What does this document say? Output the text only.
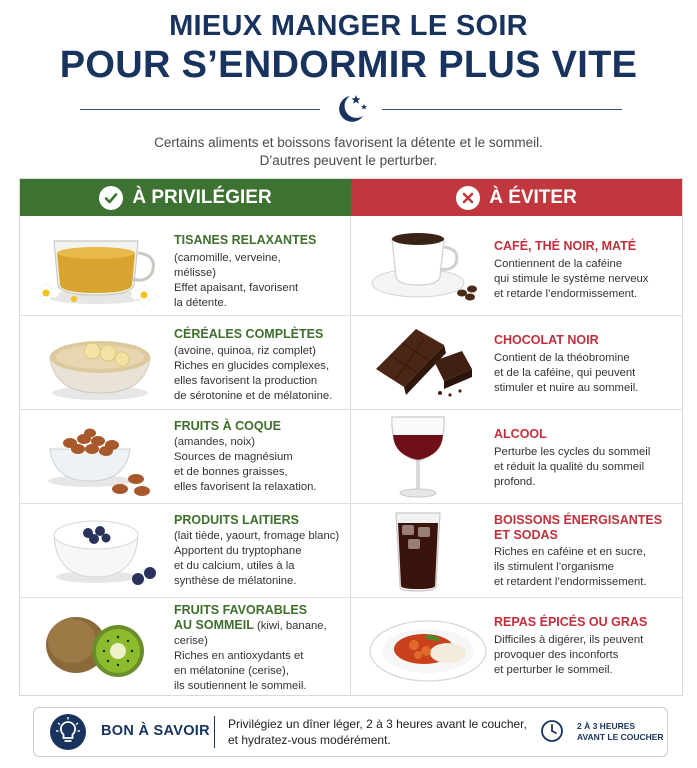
MIEUX MANGER LE SOIR
POUR S’ENDORMIR PLUS VITE
Certains aliments et boissons favorisent la détente et le sommeil.
D’autres peuvent le perturber.
À PRIVILÉGIER	À ÉVITER
TISANES RELAXANTES
(camomille, verveine,
mélisse)
Effet apaisant, favorisent
la détente.
CÉRÉALES COMPLÈTES
(avoine, quinoa, riz complet)
Riches en glucides complexes,
elles favorisent la production
de sérotonine et de mélatonine.
FRUITS À COQUE
(amandes, noix)
Sources de magnésium
et de bonnes graisses,
elles favorisent la relaxation.
PRODUITS LAITIERS
(lait tiède, yaourt, fromage blanc)
Apportent du tryptophane
et du calcium, utiles à la
synthèse de mélatonine.
FRUITS FAVORABLES
AU SOMMEIL (kiwi, banane,
cerise)
Riches en antioxydants et
en mélatonine (cerise),
ils soutiennent le sommeil.
CAFÉ, THÉ NOIR, MATÉ
Contiennent de la caféine
qui stimule le système nerveux
et retarde l’endormissement.
CHOCOLAT NOIR
Contient de la théobromine
et de la caféine, qui peuvent
stimuler et nuire au sommeil.
ALCOOL
Perturbe les cycles du sommeil
et réduit la qualité du sommeil
profond.
BOISSONS ÉNERGISANTES
ET SODAS
Riches en caféine et en sucre,
ils stimulent l’organisme
et retardent l’endormissement.
REPAS ÉPICÉS OU GRAS
Difficiles à digérer, ils peuvent
provoquer des inconforts
et perturber le sommeil.
BON À SAVOIR Privilégiez un dîner léger, 2 à 3 heures avant le coucher,
et hydratez-vous modérément.
2 À 3 HEURES
AVANT LE COUCHER
